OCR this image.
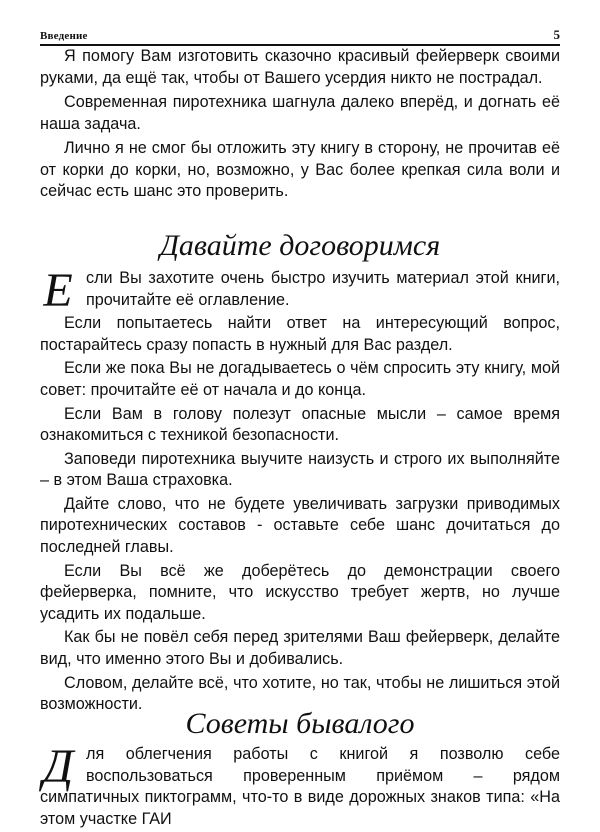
Введение	5

Я помогу Вам изготовить сказочно красивый фейерверк своими руками, да ещё так, чтобы от Вашего усердия никто не пострадал.

Современная пиротехника шагнула далеко вперёд, и догнать её наша задача.

Лично я не смог бы отложить эту книгу в сторону, не прочитав её от корки до корки, но, возможно, у Вас более крепкая сила воли и сейчас есть шанс это проверить.

Давайте договоримся

Если Вы захотите очень быстро изучить материал этой книги, прочитайте её оглавление.

Если попытаетесь найти ответ на интересующий вопрос, постарайтесь сразу попасть в нужный для Вас раздел.

Если же пока Вы не догадываетесь о чём спросить эту книгу, мой совет: прочитайте её от начала и до конца.

Если Вам в голову полезут опасные мысли – самое время ознакомиться с техникой безопасности.

Заповеди пиротехника выучите наизусть и строго их выполняйте – в этом Ваша страховка.

Дайте слово, что не будете увеличивать загрузки приводимых пиротехнических составов - оставьте себе шанс дочитаться до последней главы.

Если Вы всё же доберётесь до демонстрации своего фейерверка, помните, что искусство требует жертв, но лучше усадить их подальше.

Как бы не повёл себя перед зрителями Ваш фейерверк, делайте вид, что именно этого Вы и добивались.

Словом, делайте всё, что хотите, но так, чтобы не лишиться этой возможности.

Советы бывалого

Для облегчения работы с книгой я позволю себе воспользоваться проверенным приёмом – рядом симпатичных пиктограмм, что-то в виде дорожных знаков типа: «На этом участке ГАИ
